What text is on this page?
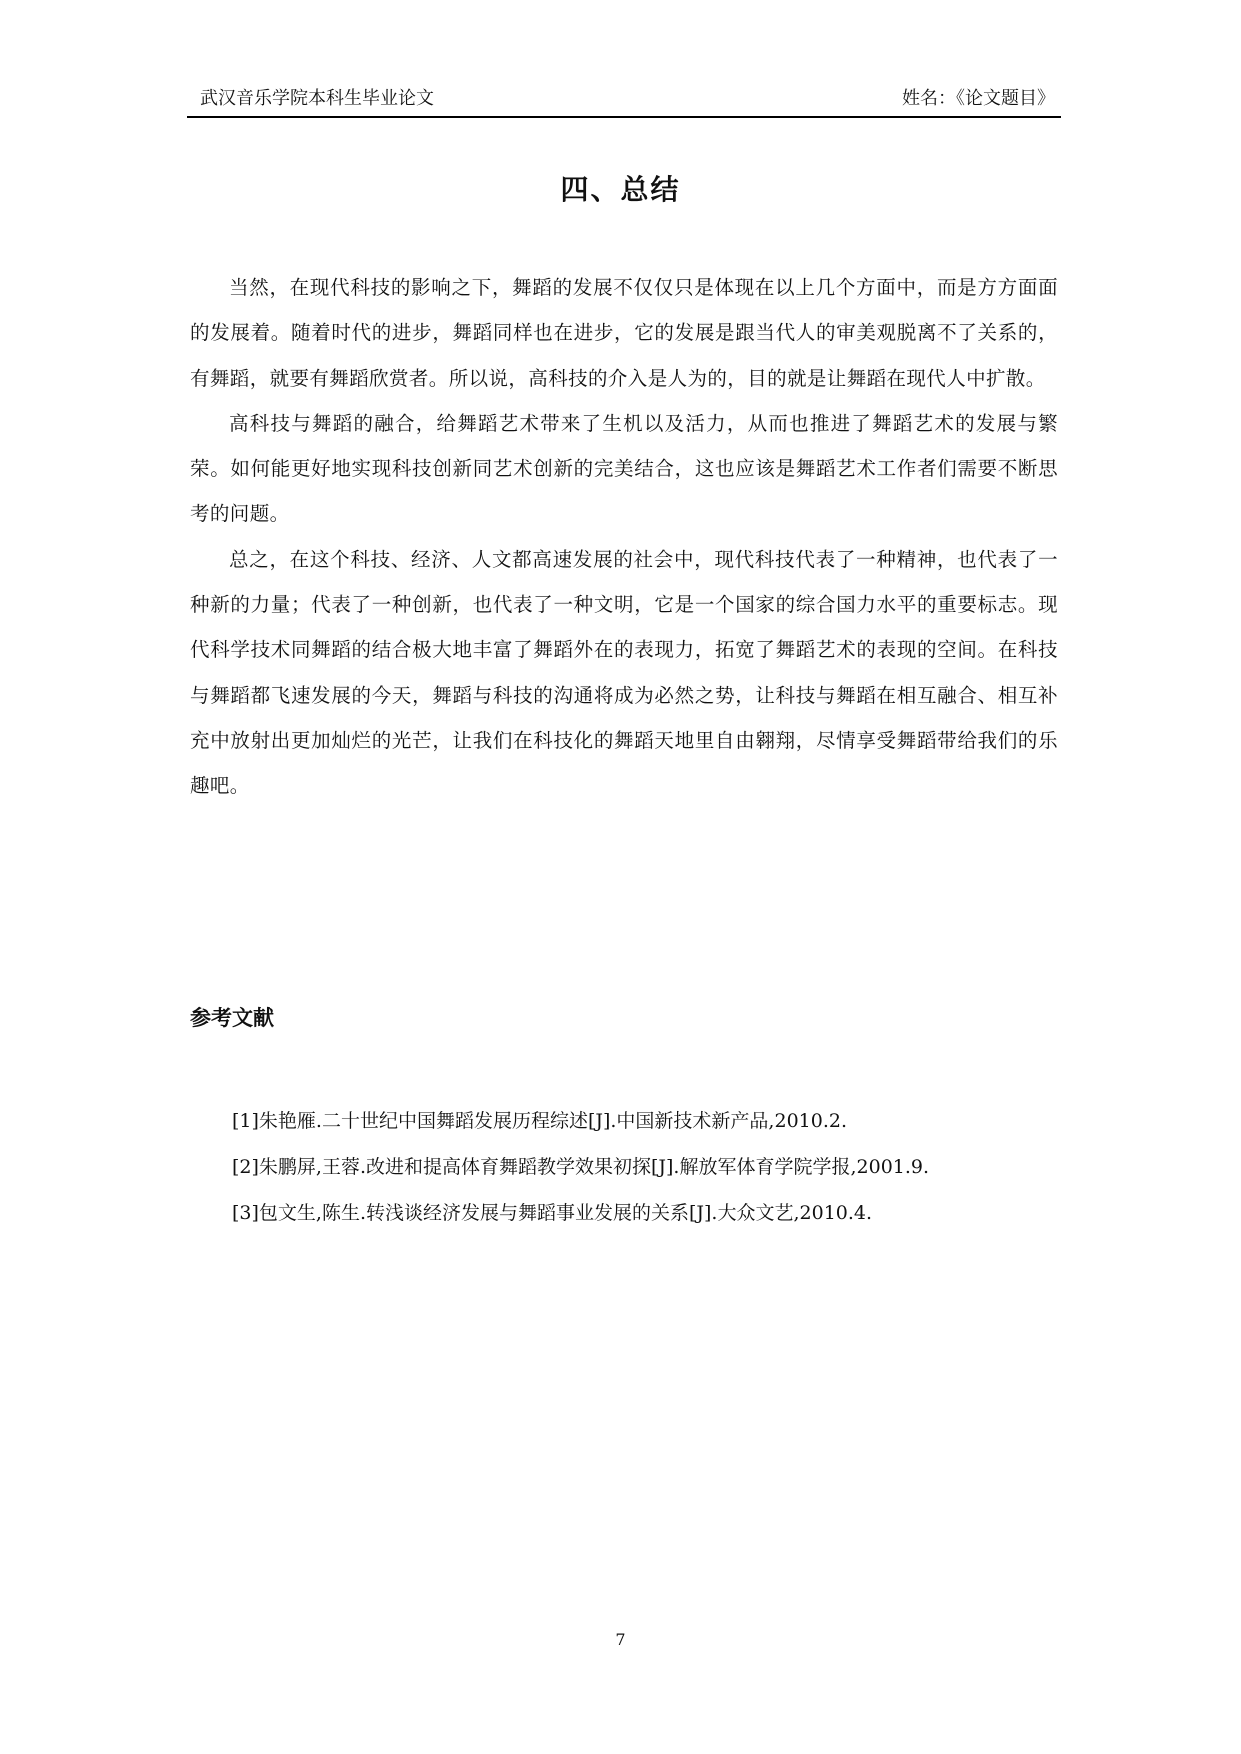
武汉音乐学院本科生毕业论文	姓名：《论文题目》
四、总结

当然，在现代科技的影响之下，舞蹈的发展不仅仅只是体现在以上几个方面中，而是方方面面的发展着。随着时代的进步，舞蹈同样也在进步，它的发展是跟当代人的审美观脱离不了关系的，有舞蹈，就要有舞蹈欣赏者。所以说，高科技的介入是人为的，目的就是让舞蹈在现代人中扩散。

高科技与舞蹈的融合，给舞蹈艺术带来了生机以及活力，从而也推进了舞蹈艺术的发展与繁荣。如何能更好地实现科技创新同艺术创新的完美结合，这也应该是舞蹈艺术工作者们需要不断思考的问题。

总之，在这个科技、经济、人文都高速发展的社会中，现代科技代表了一种精神，也代表了一种新的力量；代表了一种创新，也代表了一种文明，它是一个国家的综合国力水平的重要标志。现代科学技术同舞蹈的结合极大地丰富了舞蹈外在的表现力，拓宽了舞蹈艺术的表现的空间。在科技与舞蹈都飞速发展的今天，舞蹈与科技的沟通将成为必然之势，让科技与舞蹈在相互融合、相互补充中放射出更加灿烂的光芒，让我们在科技化的舞蹈天地里自由翱翔，尽情享受舞蹈带给我们的乐趣吧。

参考文献
[1]朱艳雁.二十世纪中国舞蹈发展历程综述[J].中国新技术新产品,2010.2.
[2]朱鹏屏,王蓉.改进和提高体育舞蹈教学效果初探[J].解放军体育学院学报,2001.9.
[3]包文生,陈生.转浅谈经济发展与舞蹈事业发展的关系[J].大众文艺,2010.4.
7
